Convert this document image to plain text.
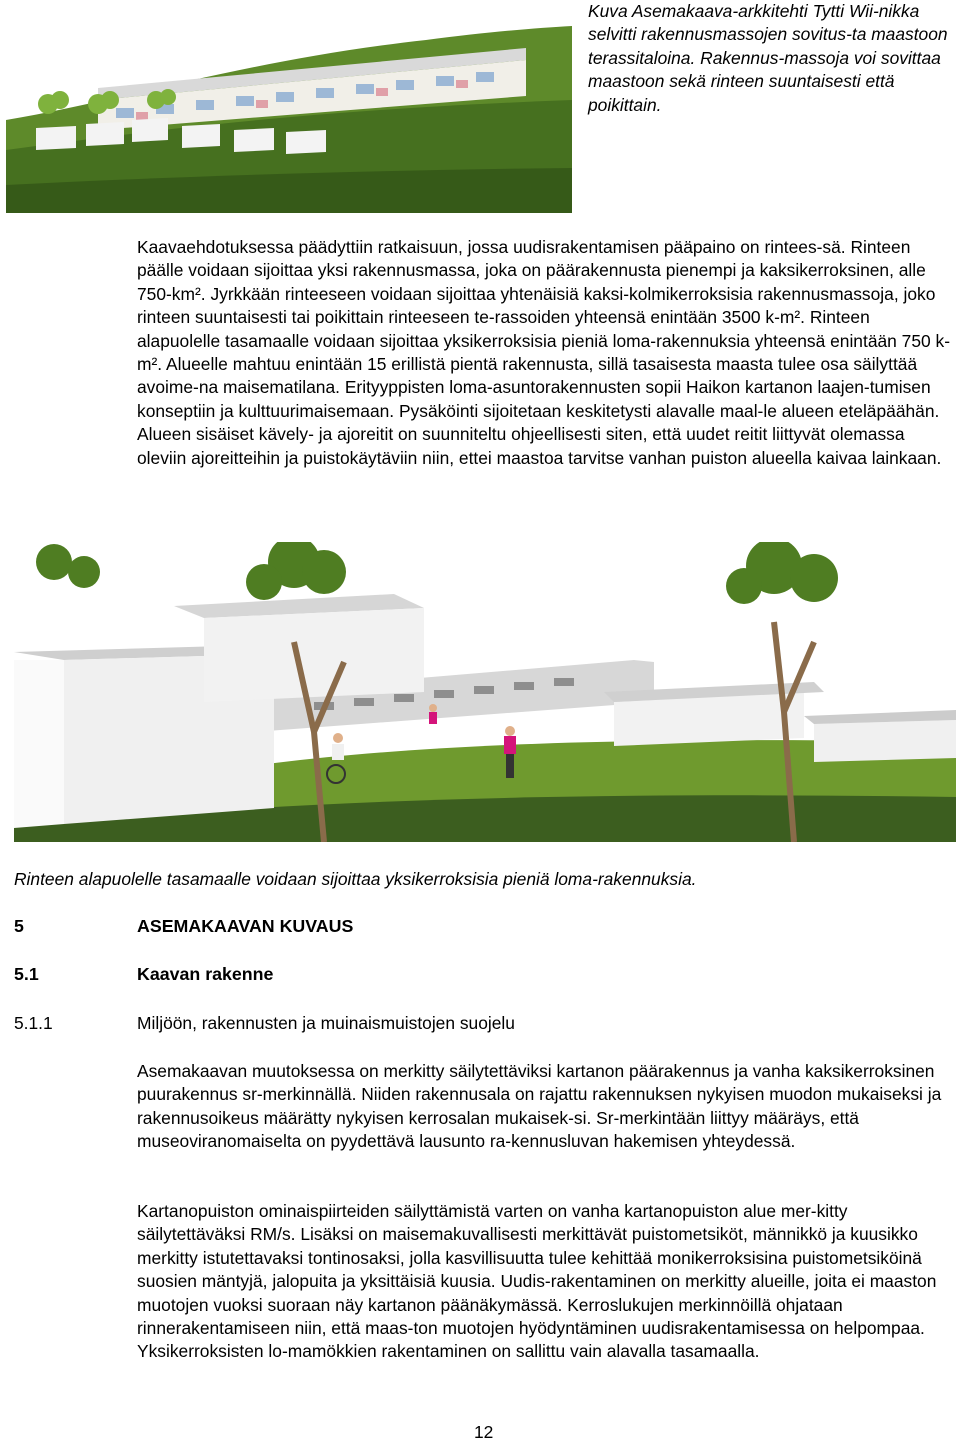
Kuva Asemakaava-arkkitehti Tytti Wii-nikka selvitti rakennusmassojen sovitus-ta maastoon terassitaloina. Rakennus-massoja voi sovittaa maastoon sekä rinteen suuntaisesti että poikittain.
Kaavaehdotuksessa päädyttiin ratkaisuun, jossa uudisrakentamisen pääpaino on rintees-sä. Rinteen päälle voidaan sijoittaa yksi rakennusmassa, joka on päärakennusta pienempi ja kaksikerroksinen, alle 750-km². Jyrkkään rinteeseen voidaan sijoittaa yhtenäisiä kaksi-kolmikerroksisia rakennusmassoja, joko rinteen suuntaisesti tai poikittain rinteeseen te-rassoiden yhteensä enintään 3500 k-m². Rinteen alapuolelle tasamaalle voidaan sijoittaa yksikerroksisia pieniä loma-rakennuksia yhteensä enintään 750 k-m². Alueelle mahtuu enintään 15 erillistä pientä rakennusta, sillä tasaisesta maasta tulee osa säilyttää avoime-na maisematilana. Erityyppisten loma-asuntorakennusten sopii Haikon kartanon laajen-tumisen konseptiin ja kulttuurimaisemaan. Pysäköinti sijoitetaan keskitetysti alavalle maal-le alueen eteläpäähän. Alueen sisäiset kävely- ja ajoreitit on suunniteltu ohjeellisesti siten, että uudet reitit liittyvät olemassa oleviin ajoreitteihin ja puistokäytäviin niin, ettei maastoa tarvitse vanhan puiston alueella kaivaa lainkaan.
Rinteen alapuolelle tasamaalle voidaan sijoittaa yksikerroksisia pieniä loma-rakennuksia.
5	ASEMAKAAVAN KUVAUS
5.1	Kaavan rakenne
5.1.1	Miljöön, rakennusten ja muinaismuistojen suojelu
Asemakaavan muutoksessa on merkitty säilytettäviksi kartanon päärakennus ja vanha kaksikerroksinen puurakennus sr-merkinnällä. Niiden rakennusala on rajattu rakennuksen nykyisen muodon mukaiseksi ja rakennusoikeus määrätty nykyisen kerrosalan mukaisek-si. Sr-merkintään liittyy määräys, että museoviranomaiselta on pyydettävä lausunto ra-kennusluvan hakemisen yhteydessä.
Kartanopuiston ominaispiirteiden säilyttämistä varten on vanha kartanopuiston alue mer-kitty säilytettäväksi RM/s. Lisäksi on maisemakuvallisesti merkittävät puistometsiköt, männikkö ja kuusikko merkitty istutettavaksi tontinosaksi, jolla kasvillisuutta tulee kehittää monikerroksisina puistometsiköinä suosien mäntyjä, jalopuita ja yksittäisiä kuusia. Uudis-rakentaminen on merkitty alueille, joita ei maaston muotojen vuoksi suoraan näy kartanon päänäkymässä. Kerroslukujen merkinnöillä ohjataan rinnerakentamiseen niin, että maas-ton muotojen hyödyntäminen uudisrakentamisessa on helpompaa. Yksikerroksisten lo-mamökkien rakentaminen on sallittu vain alavalla tasamaalla.
12
